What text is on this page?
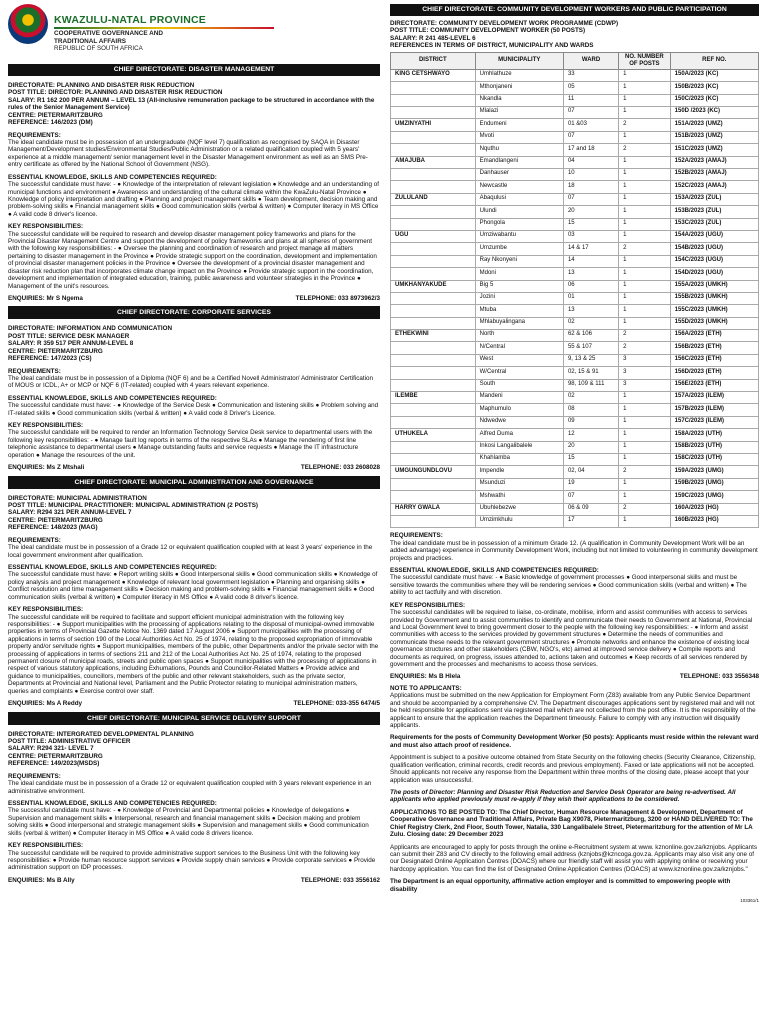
KWAZULU-NATAL PROVINCE
COOPERATIVE GOVERNANCE AND
TRADITIONAL AFFAIRS
REPUBLIC OF SOUTH AFRICA
CHIEF DIRECTORATE: DISASTER MANAGEMENT

DIRECTORATE: PLANNING AND DISASTER RISK REDUCTION
POST TITLE: DIRECTOR: PLANNING AND DISASTER RISK REDUCTION
SALARY: R1 162 200 PER ANNUM – LEVEL 13 (All-inclusive remuneration package to be structured in accordance with the rules of the Senior Management Service)
CENTRE: PIETERMARITZBURG
REFERENCE: 146/2023 (DM)

REQUIREMENTS:
The ideal candidate must be in possession of an undergraduate (NQF level 7) qualification as recognised by SAQA in Disaster Management/Development studies/Environmental Studies/Public Administration or a related qualification coupled with 5 years' experience at a middle management/ senior management level in the Disaster Management environment as well as an SMS Pre-entry certificate as offered by the National School of Government (NSG).

ESSENTIAL KNOWLEDGE, SKILLS AND COMPETENCIES REQUIRED:
The successful candidate must have: - ● Knowledge of the interpretation of relevant legislation ● Knowledge and an understanding of municipal functions and environment ● Awareness and understanding of the cultural climate within the KwaZulu-Natal Province ● Knowledge of policy interpretation and drafting ● Planning and project management skills ● Team development, decision making and problem-solving skills ● Financial management skills ● Good communication skills (verbal & written) ● Computer literacy in MS Office ● A valid code 8 driver's licence.

KEY RESPONSIBILITIES:
The successful candidate will be required to research and develop disaster management policy frameworks and plans for the Provincial Disaster Management Centre and support the development of policy frameworks and plans at all spheres of government with the following key responsibilities: - ● Oversee the planning and coordination of research and project manage all matters pertaining to disaster management in the Province ● Provide strategic support on the coordination, development and implementation of provincial disaster management policies in the Province ● Oversee the development of a provincial disaster management and disaster risk reduction plan that incorporates climate change impact on the Province ● Provide strategic support in the coordination, development and implementation of integrated education, training, public awareness and volunteer strategies in the Province ● Management of the unit's resources.

ENQUIRIES: Mr S Ngema	TELEPHONE: 033 8973962/3
CHIEF DIRECTORATE: CORPORATE SERVICES

DIRECTORATE: INFORMATION AND COMMUNICATION
POST TITLE: SERVICE DESK MANAGER
SALARY: R 359 517 PER ANNUM-LEVEL 8
CENTRE: PIETERMARITZBURG
REFERENCE: 147/2023 (CS)

REQUIREMENTS:
The ideal candidate must be in possession of a Diploma (NQF 6) and be a Certified Novell Administrator/ Administrator Certification of MOUS or ICDL, A+ or MCP or NQF 6 (IT-related) coupled with 4 years relevant experience.

ESSENTIAL KNOWLEDGE, SKILLS AND COMPETENCIES REQUIRED:
The successful candidate must have: - ● Knowledge of the Service Desk ● Communication and listening skills ● Problem solving and IT-related skills ● Good communication skills (verbal & written) ● A valid code 8 Driver's Licence.

KEY RESPONSIBILITIES:
The successful candidate will be required to render an Information Technology Service Desk service to departmental users with the following key responsibilities: - ● Manage fault log reports in terms of the respective SLAs ● Manage the rendering of first line telephonic assistance to departmental users ● Manage outstanding faults and service requests ● Manage the IT infrastructure operation ● Manage the resources of the unit.

ENQUIRIES: Ms Z Mtshali	TELEPHONE: 033 2608028
CHIEF DIRECTORATE: MUNICIPAL ADMINISTRATION AND GOVERNANCE

DIRECTORATE: MUNICIPAL ADMINISTRATION
POST TITLE: MUNICIPAL PRACTITIONER: MUNICIPAL ADMINISTRATION (2 POSTS)
SALARY: R294 321 PER ANNUM-LEVEL 7
CENTRE: PIETERMARITZBURG
REFERENCE: 148/2023 (MAG)

REQUIREMENTS:
The ideal candidate must be in possession of a Grade 12 or equivalent qualification coupled with at least 3 years' experience in the local government environment after qualification.

ESSENTIAL KNOWLEDGE, SKILLS AND COMPETENCIES REQUIRED:
The successful candidate must have: ● Report writing skills ● Good Interpersonal skills ● Good communication skills ● Knowledge of policy analysis and project management ● Knowledge of relevant local government legislation ● Planning and organising skills ● Conflict resolution and time management skills ● Decision making and problem-solving skills ● Financial management skills ● Good communication skills (verbal & written) ● Computer literacy in MS Office ● A valid code 8 driver's licence.

KEY RESPONSIBILITIES:
The successful candidate will be required to facilitate and support efficient municipal administration with the following key responsibilities: - ● Support municipalities with the processing of applications relating to the disposal of municipal-owned immovable properties in terms of Provincial Gazette Notice No. 1369 dated 17 August 2006 ● Support municipalities with the processing of applications in terms of section 190 of the Local Authorities Act No. 25 of 1974, relating to the proposed expropriation of immovable property and/or servitude rights ● Support municipalities, members of the public, other Departments and/or the private sector with the processing of applications in terms of sections 211 and 212 of the Local Authorities Act No. 25 of 1974, relating to the proposed permanent closure of municipal roads, streets and public open spaces ● Support municipalities with the processing of applications in respect of various statutory applications, including Exhumations, Pounds and Councillor-Related Matters ● Provide advice and guidance to municipalities, councillors, members of the public and other relevant stakeholders, such as the private sector, Departments at Provincial and National level, Parliament and the Public Protector relating to municipal administration matters, queries and complaints ● Exercise control over staff.

ENQUIRIES: Ms A Reddy	TELEPHONE: 033-355 6474/5
CHIEF DIRECTORATE: MUNICIPAL SERVICE DELIVERY SUPPORT

DIRECTORATE: INTERGRATED DEVELOPMENTAL PLANNING
POST TITLE: ADMINISTRATIVE OFFICER
SALARY: R294 321- LEVEL 7
CENTRE: PIETERMARITZBURG
REFERENCE: 149/2023(MSDS)

REQUIREMENTS:
The ideal candidate must be in possession of a Grade 12 or equivalent qualification coupled with 3 years relevant experience in an administrative environment.

ESSENTIAL KNOWLEDGE, SKILLS AND COMPETENCIES REQUIRED:
The successful candidate must have: - ● Knowledge of Provincial and Departmental policies ● Knowledge of delegations ● Supervision and management skills ● Interpersonal, research and financial management skills ● Decision making and problem solving skills ● Good interpersonal and strategic management skills ● Supervision and management skills ● Good communication skills (verbal & written) ● Computer literacy in MS Office ● A valid code 8 drivers licence.

KEY RESPONSIBILITIES:
The successful candidate will be required to provide administrative support services to the Business Unit with the following key responsibilities: ● Provide human resource support services ● Provide supply chain services ● Provide corporate services ● Provide administration support on IDP processes.

ENQUIRIES: Ms B Ally	TELEPHONE: 033 3556162
CHIEF DIRECTORATE: COMMUNITY DEVELOPMENT WORKERS AND PUBLIC PARTICIPATION
DIRECTORATE: COMMUNITY DEVELOPMENT WORK PROGRAMME (CDWP)
POST TITLE: COMMUNITY DEVELOPMENT WORKER (50 POSTS)
SALARY: R 241 485-LEVEL 6
REFERENCES IN TERMS OF DISTRICT, MUNICIPALITY AND WARDS
DISTRICT	MUNICIPALITY	WARD	NO. NUMBER OF POSTS	REF NO.
KING CETSHWAYO	Umhlathuze	33	1	150A/2023 (KC)
	Mthonjaneni	05	1	150B/2023 (KC)
	Nkandla	11	1	150C/2023 (KC)
	Mlalazi	07	1	150D /2023 (KC)
UMZINYATHI	Endumeni	01 &03	2	151A/2023 (UMZ)
	Mvoti	07	1	151B/2023 (UMZ)
	Nquthu	17 and 18	2	151C/2023 (UMZ)
AMAJUBA	Emandlangeni	04	1	152A/2023 (AMAJ)
	Danhauser	10	1	152B/2023 (AMAJ)
	Newcastle	18	1	152C/2023 (AMAJ)
ZULULAND	Abaqulusi	07	1	153A/2023 (ZUL)
	Ulundi	20	1	153B/2023 (ZUL)
	Phongola	15	1	153C/2023 (ZUL)
UGU	Umziwabantu	03	1	154A/2023 (UGU)
	Umzumbe	14 & 17	2	154B/2023 (UGU)
	Ray Nkonyeni	14	1	154C/2023 (UGU)
	Mdoni	13	1	154D/2023 (UGU)
UMKHANYAKUDE	Big 5	06	1	155A/2023 (UMKH)
	Jozini	01	1	155B/2023 (UMKH)
	Mtuba	13	1	155C/2023 (UMKH)
	Mhlabuyalingana	02	1	155D/2023 (UMKH)
ETHEKWINI	North	62 & 106	2	156A/2023 (ETH)
	N/Central	55 & 107	2	156B/2023 (ETH)
	West	9, 13 & 25	3	156C/2023 (ETH)
	W/Central	02, 15 & 91	3	156D/2023 (ETH)
	South	98, 109 & 111	3	156E/2023 (ETH)
ILEMBE	Mandeni	02	1	157A/2023 (ILEM)
	Maphumulo	08	1	157B/2023 (ILEM)
	Ndwedwe	09	1	157C/2023 (ILEM)
UTHUKELA	Alfred Duma	12	1	158A/2023 (UTH)
	Inkosi Langalibalele	20	1	158B/2023 (UTH)
	Khahlamba	15	1	158C/2023 (UTH)
UMGUNGUNDLOVU	Impendle	02, 04	2	159A/2023 (UMG)
	Msunduzi	19	1	159B/2023 (UMG)
	Mshwathi	07	1	159C/2023 (UMG)
HARRY GWALA	Ubuhlebezwe	06 & 09	2	160A/2023 (HG)
	Umzimkhulu	17	1	160B/2023 (HG)

REQUIREMENTS:
The ideal candidate must be in possession of a minimum Grade 12. (A qualification in Community Development Work will be an added advantage) experience in Community Development Work, including but not limited to volunteering in community development projects and practices.

ESSENTIAL KNOWLEDGE, SKILLS AND COMPETENCIES REQUIRED:
The successful candidate must have: - ● Basic knowledge of government processes ● Good interpersonal skills and must be sensitive towards the communities where they will be rendering services ● Good communication skills (verbal and written) ● The ability to act tactfully and with discretion.

KEY RESPONSIBILITIES:
The successful candidates will be required to liaise, co-ordinate, mobilise, inform and assist communities with access to services provided by Government and to assist communities to identify and communicate their needs to Government at National, Provincial and Local Government level to bring government closer to the people with the following key responsibilities: - ● Inform and assist communities with access to the services provided by government structures ● Determine the needs of communities and communicate these needs to the relevant government structures ● Promote networks and enhance the existence of existing local governance structures and other stakeholders (CBW, NGO's, etc) aimed at improved service delivery ● Compile reports and documents as required, on progress, issues attended to, actions taken and outcomes ● Keep records of all services rendered by government and the processes and mechanisms to access those services.

ENQUIRIES: Ms B Hlela	TELEPHONE: 033 3556348

NOTE TO APPLICANTS:
Applications must be submitted on the new Application for Employment Form (Z83) available from any Public Service Department and should be accompanied by a comprehensive CV. The Department discourages applications sent by registered mail and will not be held responsible for applications sent via registered mail which are not collected from the post office. It is the responsibility of the applicant to ensure that the application reaches the Department timeously. Failure to comply with any instruction will disqualify applicants.

Requirements for the posts of Community Development Worker (50 posts): Applicants must reside within the relevant ward and must also attach proof of residence.

Appointment is subject to a positive outcome obtained from State Security on the following checks (Security Clearance, Citizenship, qualification verification, criminal records, credit records and previous employment). Faxed or late applications will not be accepted. Should applicants not receive any response from the Department within three months of the closing date, please accept that your application was unsuccessful.

The posts of Director: Planning and Disaster Risk Reduction and Service Desk Operator are being re-advertised. All applicants who applied previously must re-apply if they wish their applications to be considered.

APPLICATIONS TO BE POSTED TO: The Chief Director, Human Resource Management & Development, Department of Cooperative Governance and Traditional Affairs, Private Bag X9078, Pietermaritzburg, 3200 or HAND DELIVERED TO: The Chief Registry Clerk, 2nd Floor, South Tower, Natalia, 330 Langalibalele Street, Pietermaritzburg for the attention of Mr LA Zulu. Closing date: 29 December 2023

Applicants are encouraged to apply for posts through the online e-Recruitment system at www. kznonline.gov.za/kznjobs. Applicants can submit their Z83 and CV directly to the following email address (kznjobs@kzncoga.gov.za. Applicants may also visit any one of our Designated Online Application Centres (DOACS) where our friendly staff will assist you with applying online or receiving your hardcopy application. You can find the list of Designated Online Application Centres (DOACS) at www.kznonline.gov.za/kznjobs."

The Department is an equal opportunity, affirmative action employer and is committed to empowering people with disability

103361/1
